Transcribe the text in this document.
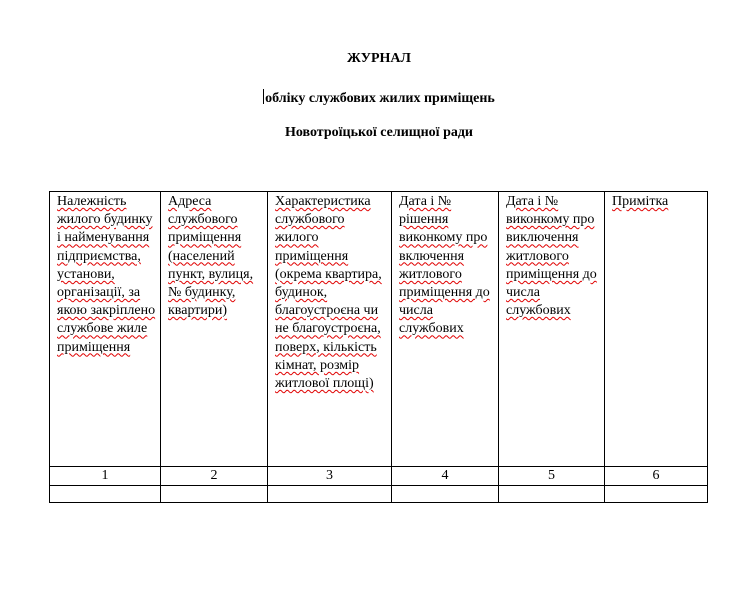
ЖУРНАЛ
обліку службових жилих приміщень
Новотроїцької селищної ради
Належність жилого будинку і найменування підприємства, установи, організації, за якою закріплено службове жиле приміщення	Адреса службового приміщення (населений пункт, вулиця, № будинку, квартири)	Характеристика службового жилого приміщення (окрема квартира, будинок, благоустроєна чи не благоустроєна, поверх, кількість кімнат, розмір житлової площі)	Дата і № рішення виконкому про включення житлового приміщення до числа службових	Дата і № виконкому про виключення житлового приміщення до числа службових	Примітка
1	2	3	4	5	6
